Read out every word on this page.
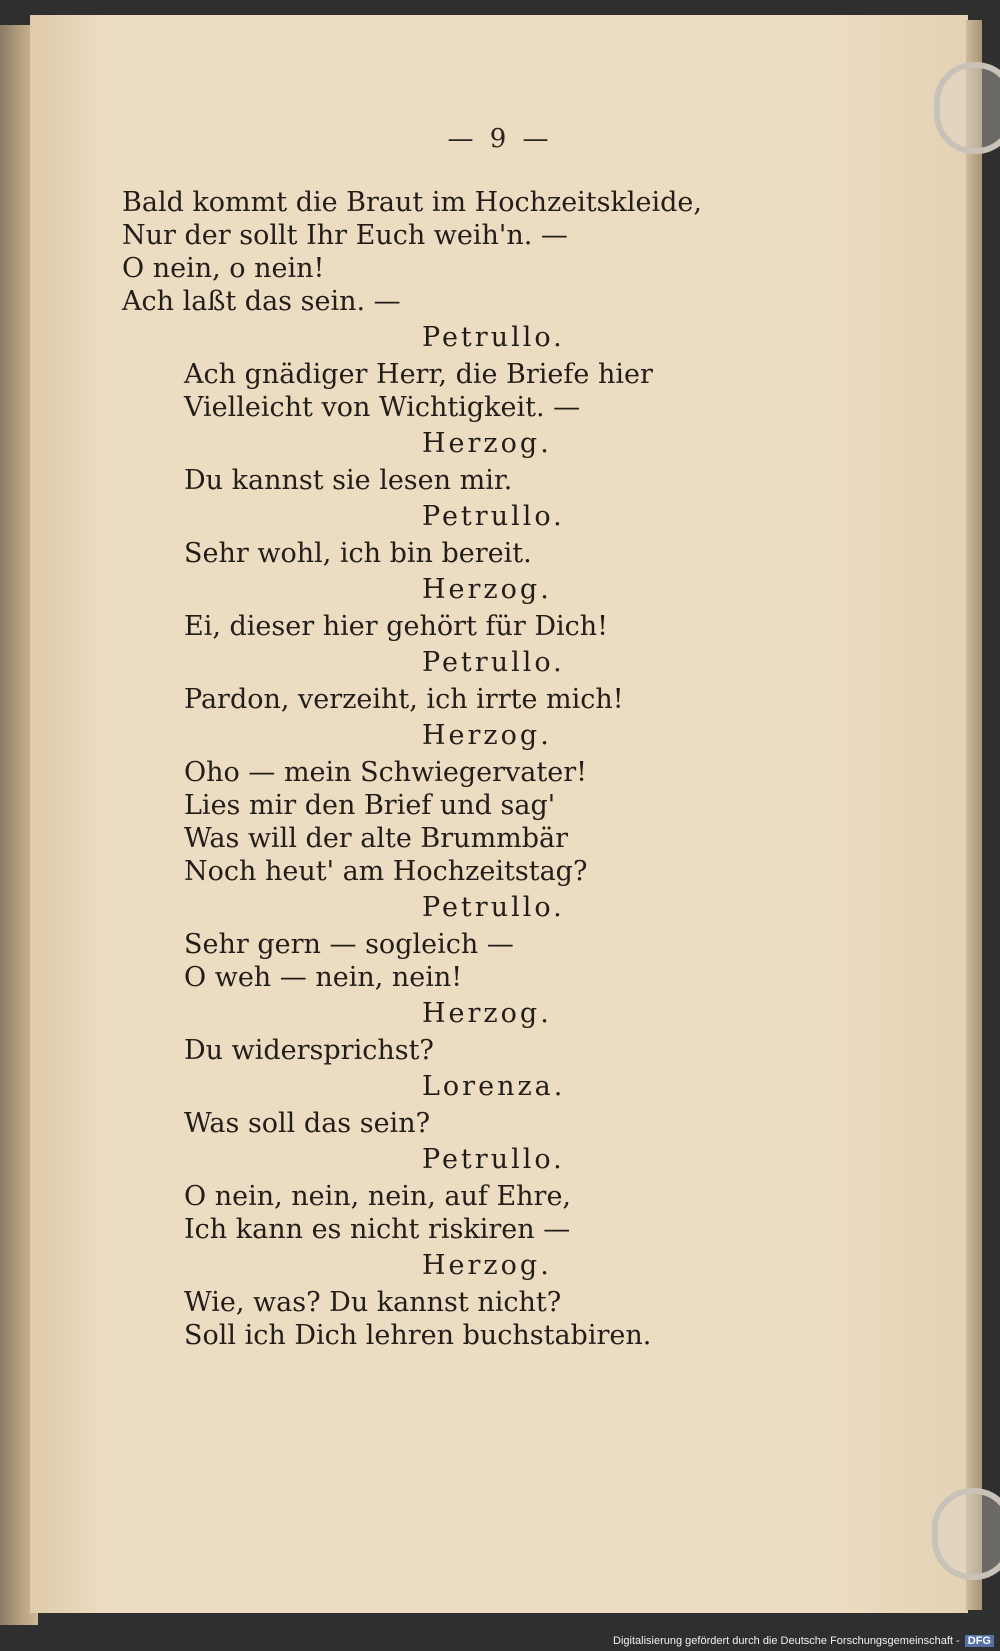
— 9 —
Bald kommt die Braut im Hochzeitskleide,
Nur der sollt Ihr Euch weih'n. —
O nein, o nein!
Ach laßt das sein. —
Petrullo.
Ach gnädiger Herr, die Briefe hier
Vielleicht von Wichtigkeit. —
Herzog.
Du kannst sie lesen mir.
Petrullo.
Sehr wohl, ich bin bereit.
Herzog.
Ei, dieser hier gehört für Dich!
Petrullo.
Pardon, verzeiht, ich irrte mich!
Herzog.
Oho — mein Schwiegervater!
Lies mir den Brief und sag'
Was will der alte Brummbär
Noch heut' am Hochzeitstag?
Petrullo.
Sehr gern — sogleich —
O weh — nein, nein!
Herzog.
Du widersprichst?
Lorenza.
Was soll das sein?
Petrullo.
O nein, nein, nein, auf Ehre,
Ich kann es nicht riskiren —
Herzog.
Wie, was? Du kannst nicht?
Soll ich Dich lehren buchstabiren.
Digitalisierung gefördert durch die Deutsche Forschungsgemeinschaft - DFG
